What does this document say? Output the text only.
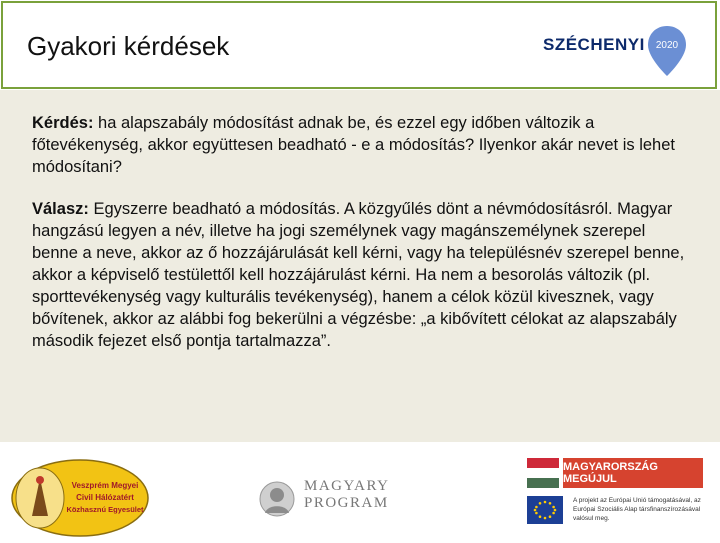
Gyakori kérdések	SZÉCHENYI 2020
Kérdés: ha alapszabály módosítást adnak be, és ezzel egy időben változik a főtevékenység, akkor együttesen beadható - e a módosítás? Ilyenkor akár nevet is lehet módosítani?
Válasz: Egyszerre beadható a módosítás. A közgyűlés dönt a névmódosításról. Magyar hangzású legyen a név, illetve ha jogi személynek vagy magánszemélynek szerepel benne a neve, akkor az ő hozzájárulását kell kérni, vagy ha településnév szerepel benne, akkor a képviselő testülettől kell hozzájárulást kérni. Ha nem a besorolás változik (pl. sporttevékenység vagy kulturális tevékenység), hanem a célok közül kivesznek, vagy bővítenek, akkor az alábbi fog bekerülni a végzésbe: „a kibővített célokat az alapszabály második fejezet első pontja tartalmazza”.
Veszprém Megyei
Civil Hálózatért
Közhasznú Egyesület
MAGYARY
PROGRAM
MAGYARORSZÁG MEGÚJUL
A projekt az Európai Unió támogatásával, az Európai Szociális Alap társfinanszírozásával valósul meg.
